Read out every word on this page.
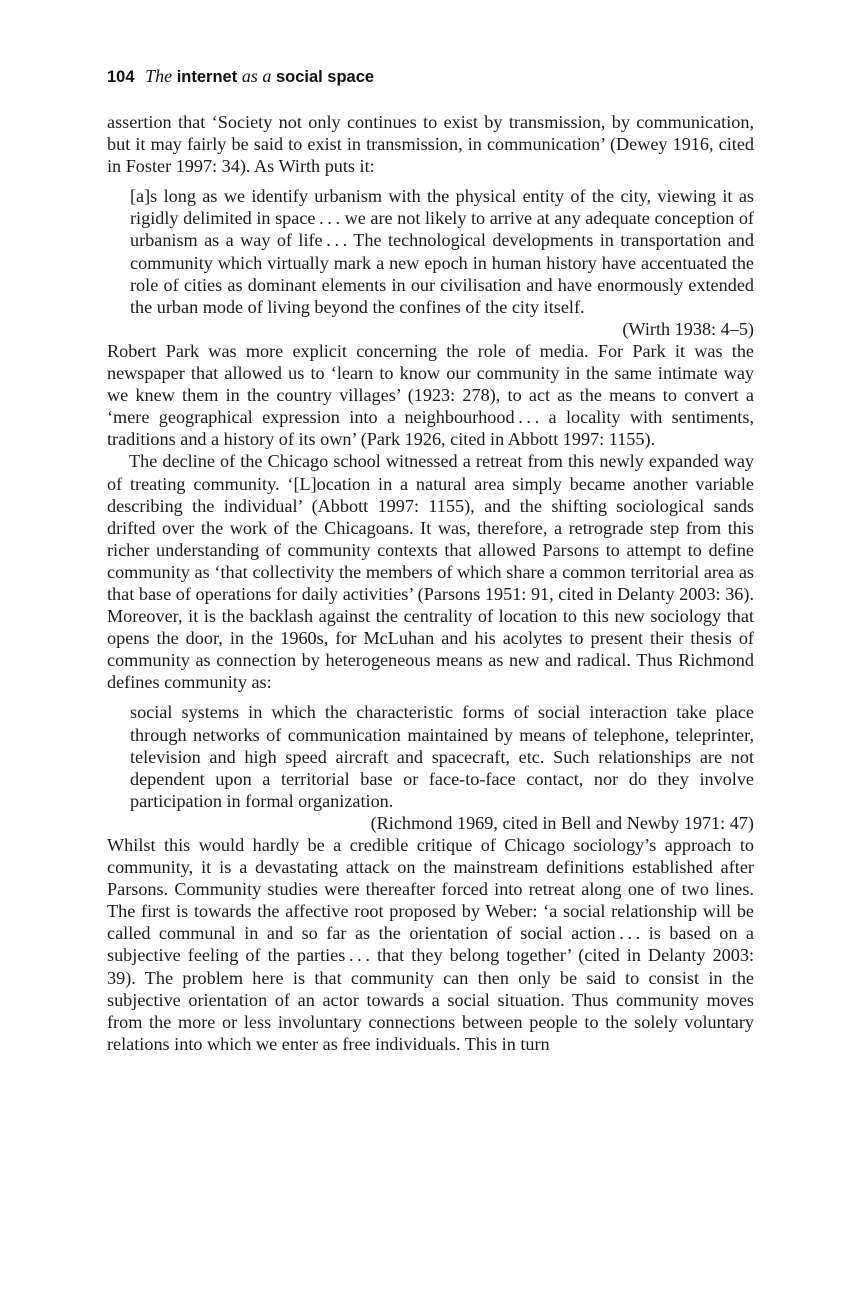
104 The internet as a social space

assertion that ‘Society not only continues to exist by transmission, by communication, but it may fairly be said to exist in transmission, in communication’ (Dewey 1916, cited in Foster 1997: 34). As Wirth puts it:

[a]s long as we identify urbanism with the physical entity of the city, viewing it as rigidly delimited in space . . . we are not likely to arrive at any adequate conception of urbanism as a way of life . . . The technological developments in transportation and community which virtually mark a new epoch in human history have accentuated the role of cities as dominant elements in our civilisation and have enormously extended the urban mode of living beyond the confines of the city itself.

(Wirth 1938: 4–5)

Robert Park was more explicit concerning the role of media. For Park it was the newspaper that allowed us to ‘learn to know our community in the same intimate way we knew them in the country villages’ (1923: 278), to act as the means to convert a ‘mere geographical expression into a neighbourhood . . . a locality with sentiments, traditions and a history of its own’ (Park 1926, cited in Abbott 1997: 1155).

The decline of the Chicago school witnessed a retreat from this newly expanded way of treating community. ‘[L]ocation in a natural area simply became another variable describing the individual’ (Abbott 1997: 1155), and the shifting sociological sands drifted over the work of the Chicagoans. It was, therefore, a retrograde step from this richer understanding of community contexts that allowed Parsons to attempt to define community as ‘that collectivity the members of which share a common territorial area as that base of operations for daily activities’ (Parsons 1951: 91, cited in Delanty 2003: 36). Moreover, it is the backlash against the centrality of location to this new sociology that opens the door, in the 1960s, for McLuhan and his acolytes to present their thesis of community as connection by heterogeneous means as new and radical. Thus Richmond defines community as:

social systems in which the characteristic forms of social interaction take place through networks of communication maintained by means of telephone, teleprinter, television and high speed aircraft and spacecraft, etc. Such relationships are not dependent upon a territorial base or face-to-face contact, nor do they involve participation in formal organization.

(Richmond 1969, cited in Bell and Newby 1971: 47)

Whilst this would hardly be a credible critique of Chicago sociology’s approach to community, it is a devastating attack on the mainstream definitions established after Parsons. Community studies were thereafter forced into retreat along one of two lines. The first is towards the affective root proposed by Weber: ‘a social relationship will be called communal in and so far as the orientation of social action . . . is based on a subjective feeling of the parties . . . that they belong together’ (cited in Delanty 2003: 39). The problem here is that community can then only be said to consist in the subjective orientation of an actor towards a social situation. Thus community moves from the more or less involuntary connections between people to the solely voluntary relations into which we enter as free individuals. This in turn
